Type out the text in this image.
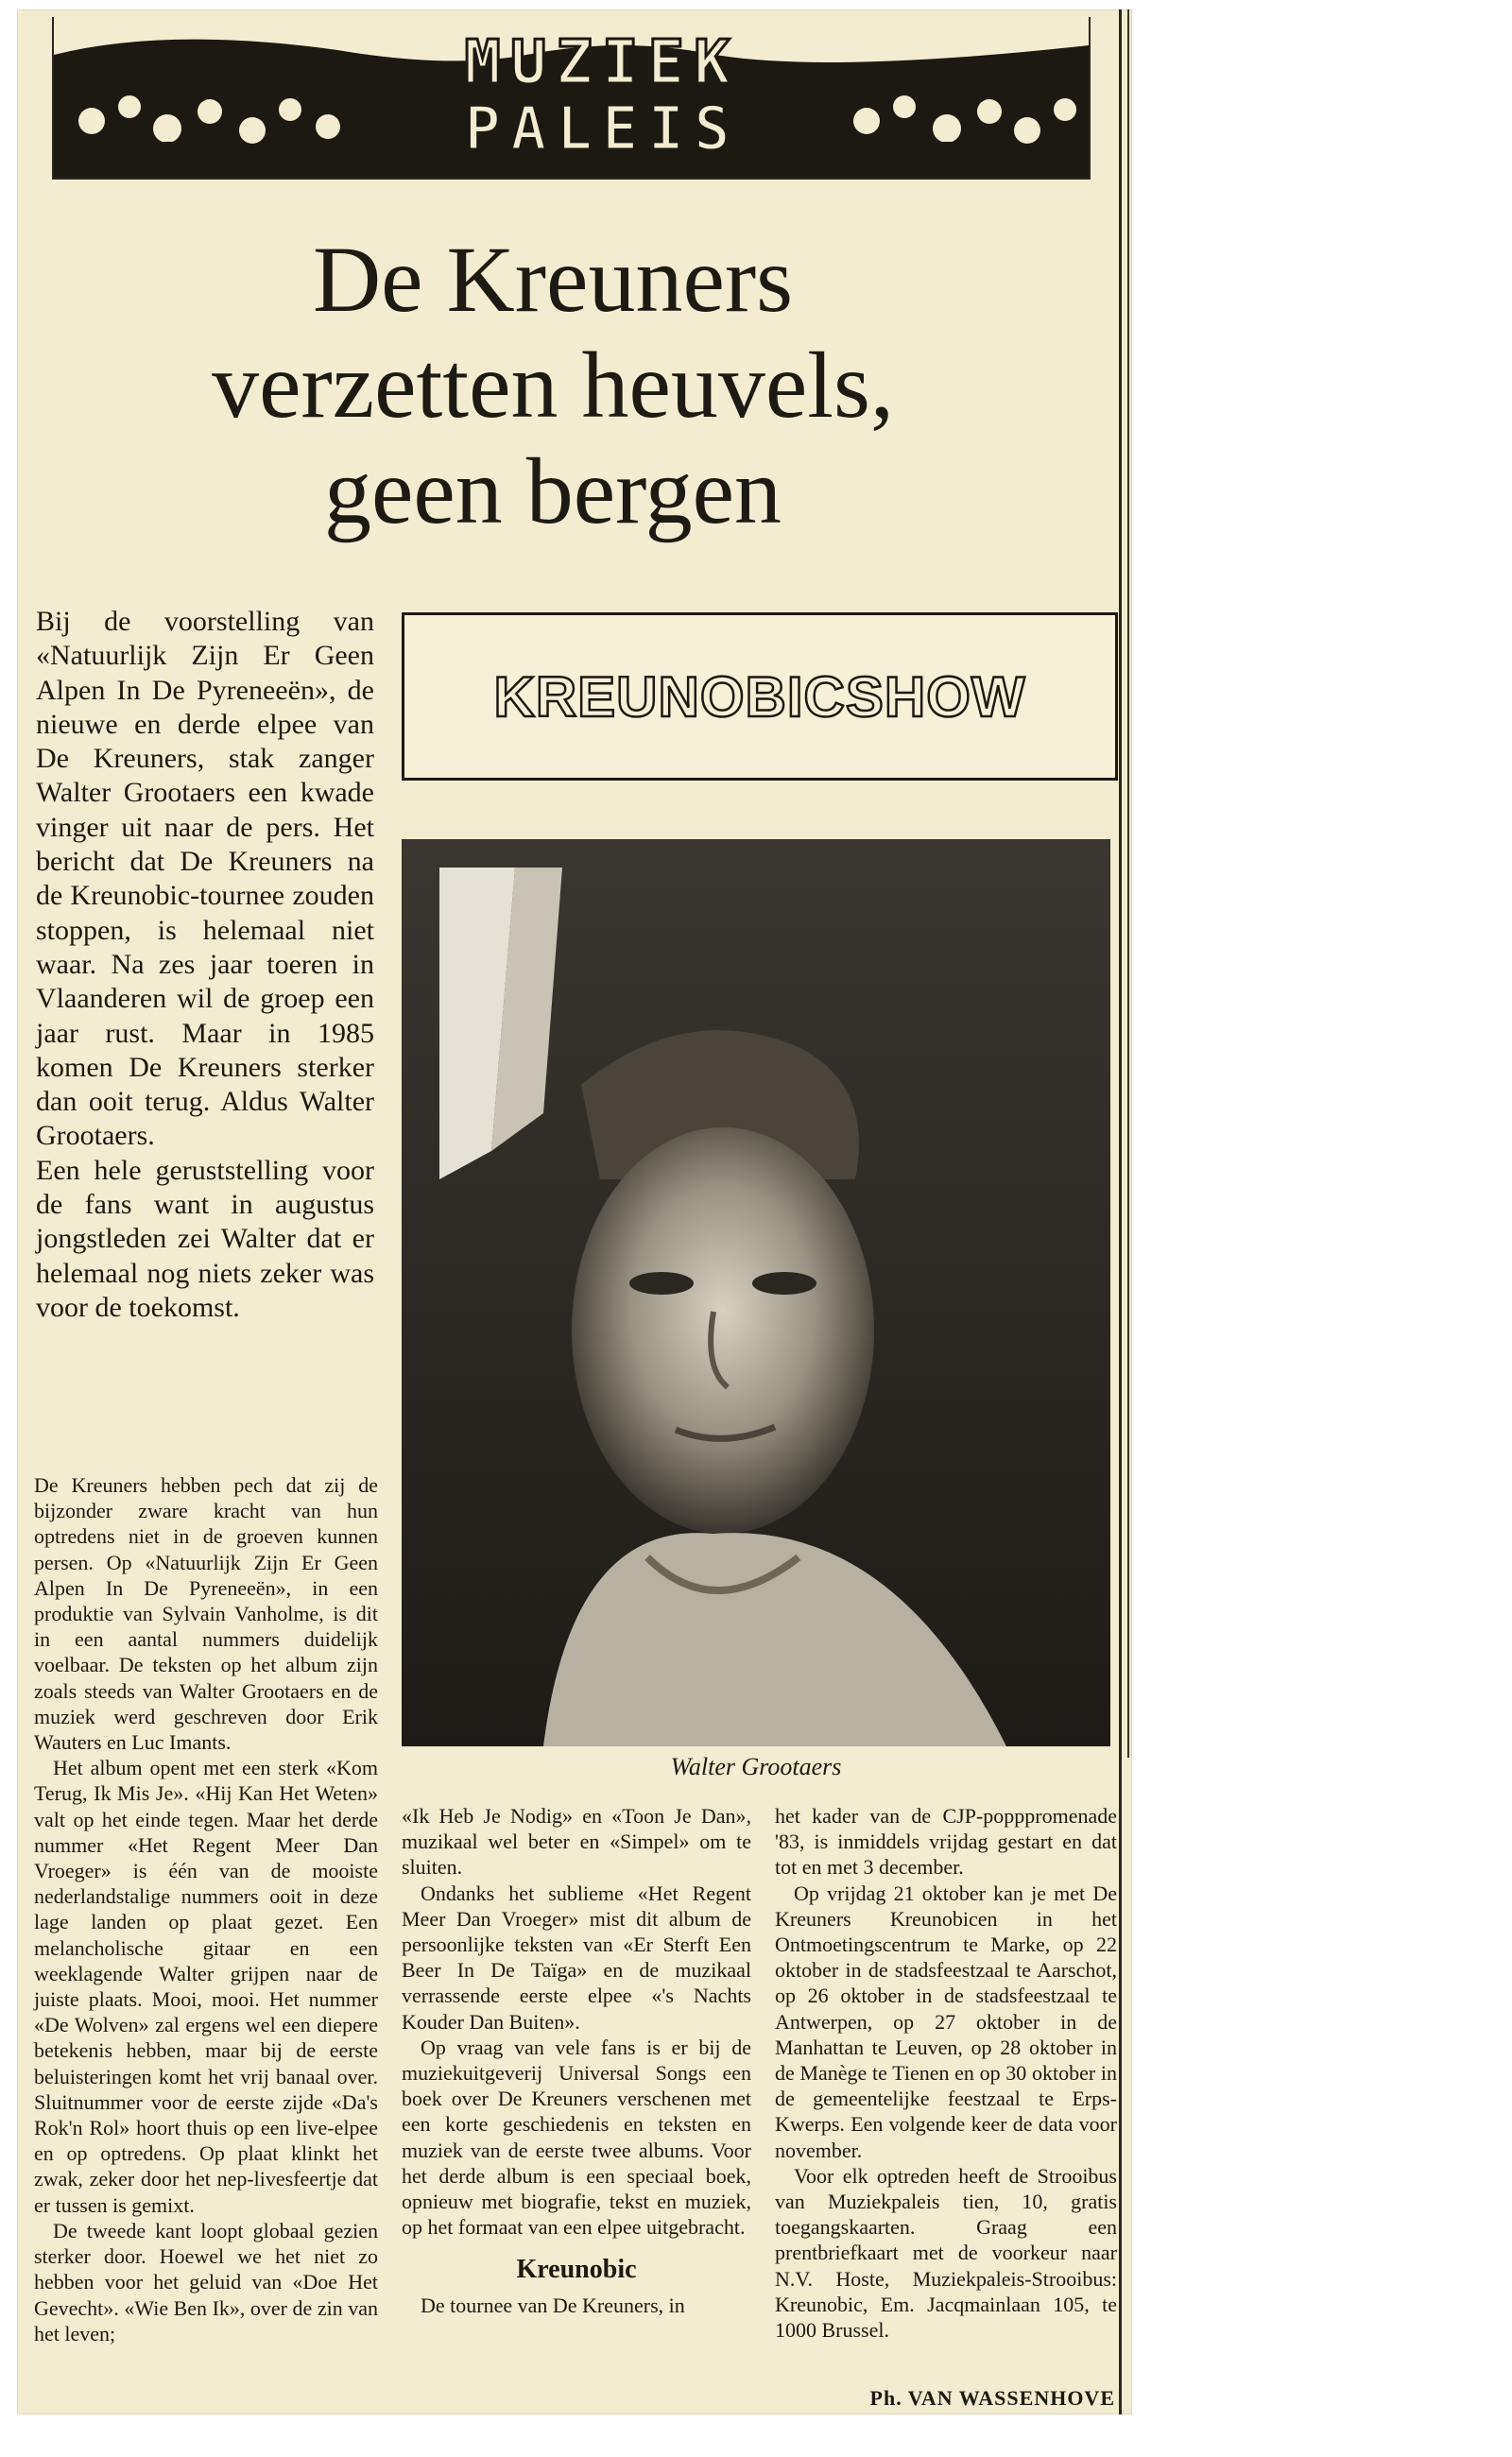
MUZIEK
PALEIS
De Kreuners
verzetten heuvels,
geen bergen
Bij de voorstelling van «Natuurlijk Zijn Er Geen Alpen In De Pyreneeën», de nieuwe en derde elpee van De Kreuners, stak zanger Walter Grootaers een kwade vinger uit naar de pers. Het bericht dat De Kreuners na de Kreunobic-tournee zouden stoppen, is helemaal niet waar. Na zes jaar toeren in Vlaanderen wil de groep een jaar rust. Maar in 1985 komen De Kreuners sterker dan ooit terug. Aldus Walter Grootaers.
Een hele geruststelling voor de fans want in augustus jongstleden zei Walter dat er helemaal nog niets zeker was voor de toekomst.
KREUNOBICSHOW
Walter Grootaers

De Kreuners hebben pech dat zij de bijzonder zware kracht van hun optredens niet in de groeven kunnen persen. Op «Natuurlijk Zijn Er Geen Alpen In De Pyreneeën», in een produktie van Sylvain Vanholme, is dit in een aantal nummers duidelijk voelbaar. De teksten op het album zijn zoals steeds van Walter Grootaers en de muziek werd geschreven door Erik Wauters en Luc Imants.

Het album opent met een sterk «Kom Terug, Ik Mis Je». «Hij Kan Het Weten» valt op het einde tegen. Maar het derde nummer «Het Regent Meer Dan Vroeger» is één van de mooiste nederlandstalige nummers ooit in deze lage landen op plaat gezet. Een melancholische gitaar en een weeklagende Walter grijpen naar de juiste plaats. Mooi, mooi. Het nummer «De Wolven» zal ergens wel een diepere betekenis hebben, maar bij de eerste beluisteringen komt het vrij banaal over. Sluitnummer voor de eerste zijde «Da's Rok'n Rol» hoort thuis op een live-elpee en op optredens. Op plaat klinkt het zwak, zeker door het nep-livesfeertje dat er tussen is gemixt.

De tweede kant loopt globaal gezien sterker door. Hoewel we het niet zo hebben voor het geluid van «Doe Het Gevecht». «Wie Ben Ik», over de zin van het leven;

«Ik Heb Je Nodig» en «Toon Je Dan», muzikaal wel beter en «Simpel» om te sluiten.

Ondanks het sublieme «Het Regent Meer Dan Vroeger» mist dit album de persoonlijke teksten van «Er Sterft Een Beer In De Taïga» en de muzikaal verrassende eerste elpee «'s Nachts Kouder Dan Buiten».

Op vraag van vele fans is er bij de muziekuitgeverij Universal Songs een boek over De Kreuners verschenen met een korte geschiedenis en teksten en muziek van de eerste twee albums. Voor het derde album is een speciaal boek, opnieuw met biografie, tekst en muziek, op het formaat van een elpee uitgebracht.

Kreunobic

De tournee van De Kreuners, in

het kader van de CJP-popppromenade '83, is inmiddels vrijdag gestart en dat tot en met 3 december.

Op vrijdag 21 oktober kan je met De Kreuners Kreunobicen in het Ontmoetingscentrum te Marke, op 22 oktober in de stadsfeestzaal te Aarschot, op 26 oktober in de stadsfeestzaal te Antwerpen, op 27 oktober in de Manhattan te Leuven, op 28 oktober in de Manège te Tienen en op 30 oktober in de gemeentelijke feestzaal te Erps-Kwerps. Een volgende keer de data voor november.

Voor elk optreden heeft de Strooibus van Muziekpaleis tien, 10, gratis toegangskaarten. Graag een prentbriefkaart met de voorkeur naar N.V. Hoste, Muziekpaleis-Strooibus: Kreunobic, Em. Jacqmainlaan 105, te 1000 Brussel.

Ph. VAN WASSENHOVE
